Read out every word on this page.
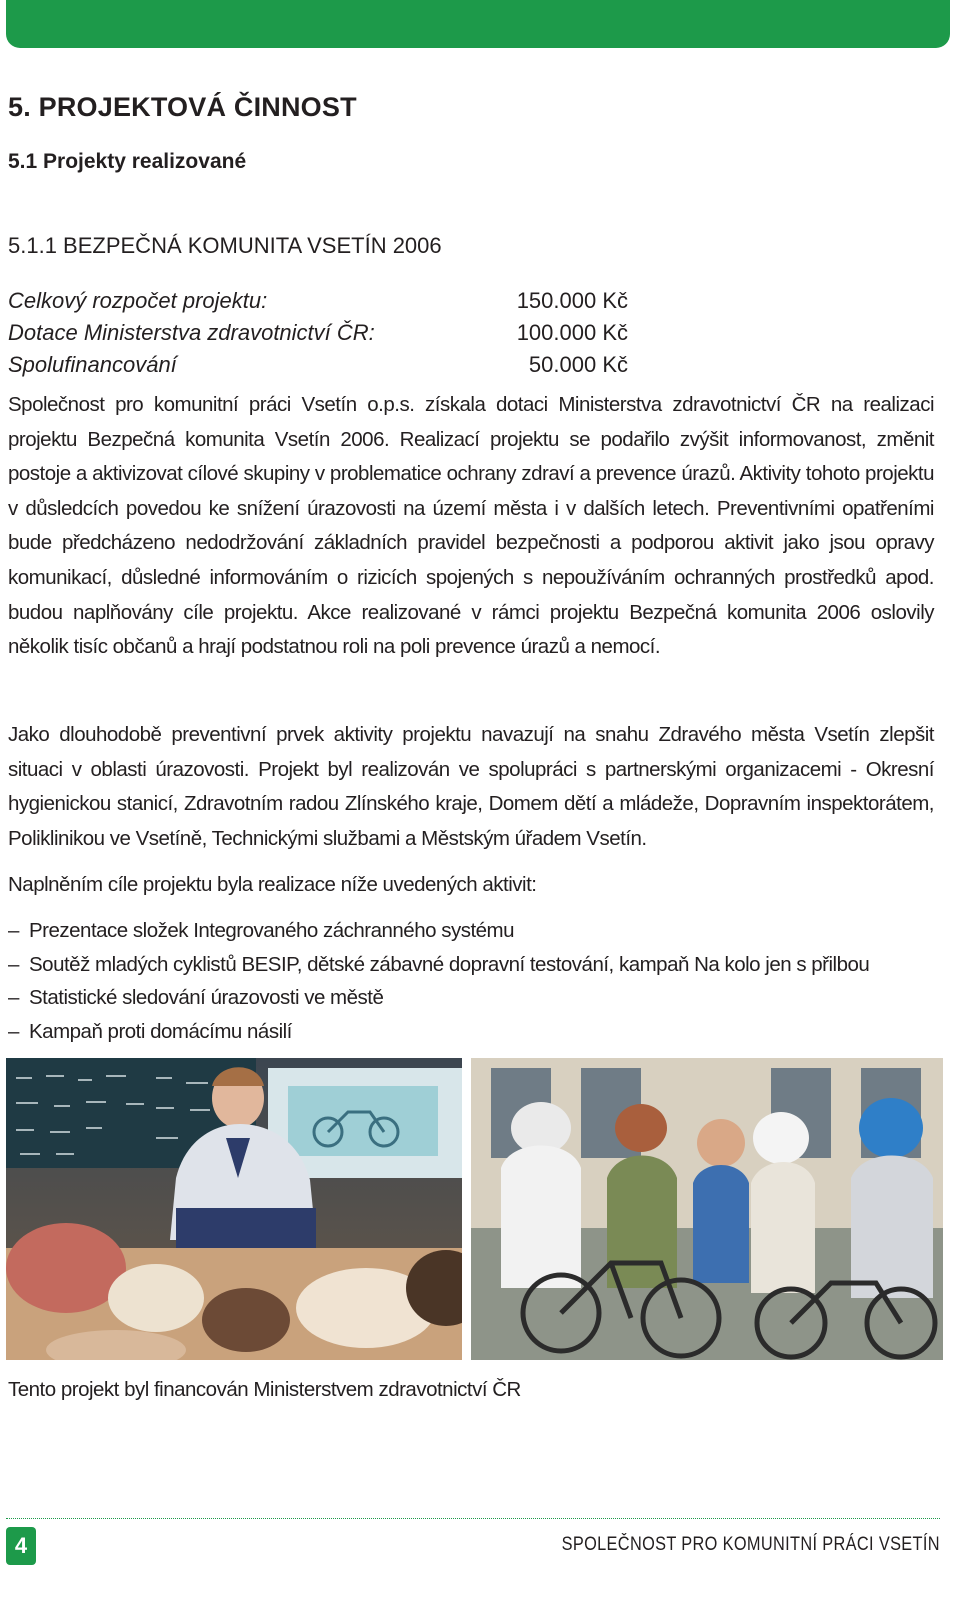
5. PROJEKTOVÁ ČINNOST
5.1 Projekty realizované
5.1.1 BEZPEČNÁ KOMUNITA VSETÍN 2006
Celkový rozpočet projektu:	150.000 Kč
Dotace Ministerstva zdravotnictví ČR:	100.000 Kč
Spolufinancování	50.000 Kč

Společnost pro komunitní práci Vsetín o.p.s. získala dotaci Ministerstva zdravotnictví ČR na realizaci projektu Bezpečná komunita Vsetín 2006. Realizací projektu se podařilo zvýšit informovanost, změnit postoje a aktivizovat cílové skupiny v problematice ochrany zdraví a prevence úrazů. Aktivity tohoto projektu v důsledcích povedou ke snížení úrazovosti na území města i v dalších letech. Preventivními opatřeními bude předcházeno nedodržování základních pravidel bezpečnosti a podporou aktivit jako jsou opravy komunikací, důsledné informováním o rizicích spojených s nepoužíváním ochranných prostředků apod. budou naplňovány cíle projektu. Akce realizované v rámci projektu Bezpečná komunita 2006 oslovily několik tisíc občanů a hrají podstatnou roli na poli prevence úrazů a nemocí.

Jako dlouhodobě preventivní prvek aktivity projektu navazují na snahu Zdravého města Vsetín zlepšit situaci v oblasti úrazovosti. Projekt byl realizován ve spolupráci s partnerskými organizacemi - Okresní hygienickou stanicí, Zdravotním radou Zlínského kraje, Domem dětí a mládeže, Dopravním inspektorátem, Poliklinikou ve Vsetíně, Technickými službami a Městským úřadem Vsetín.

Naplněním cíle projektu byla realizace níže uvedených aktivit:

– Prezentace složek Integrovaného záchranného systému
– Soutěž mladých cyklistů BESIP, dětské zábavné dopravní testování, kampaň Na kolo jen s přilbou
– Statistické sledování úrazovosti ve městě
– Kampaň proti domácímu násilí
Tento projekt byl financován Ministerstvem zdravotnictví ČR
4	SPOLEČNOST PRO KOMUNITNÍ PRÁCI VSETÍN
